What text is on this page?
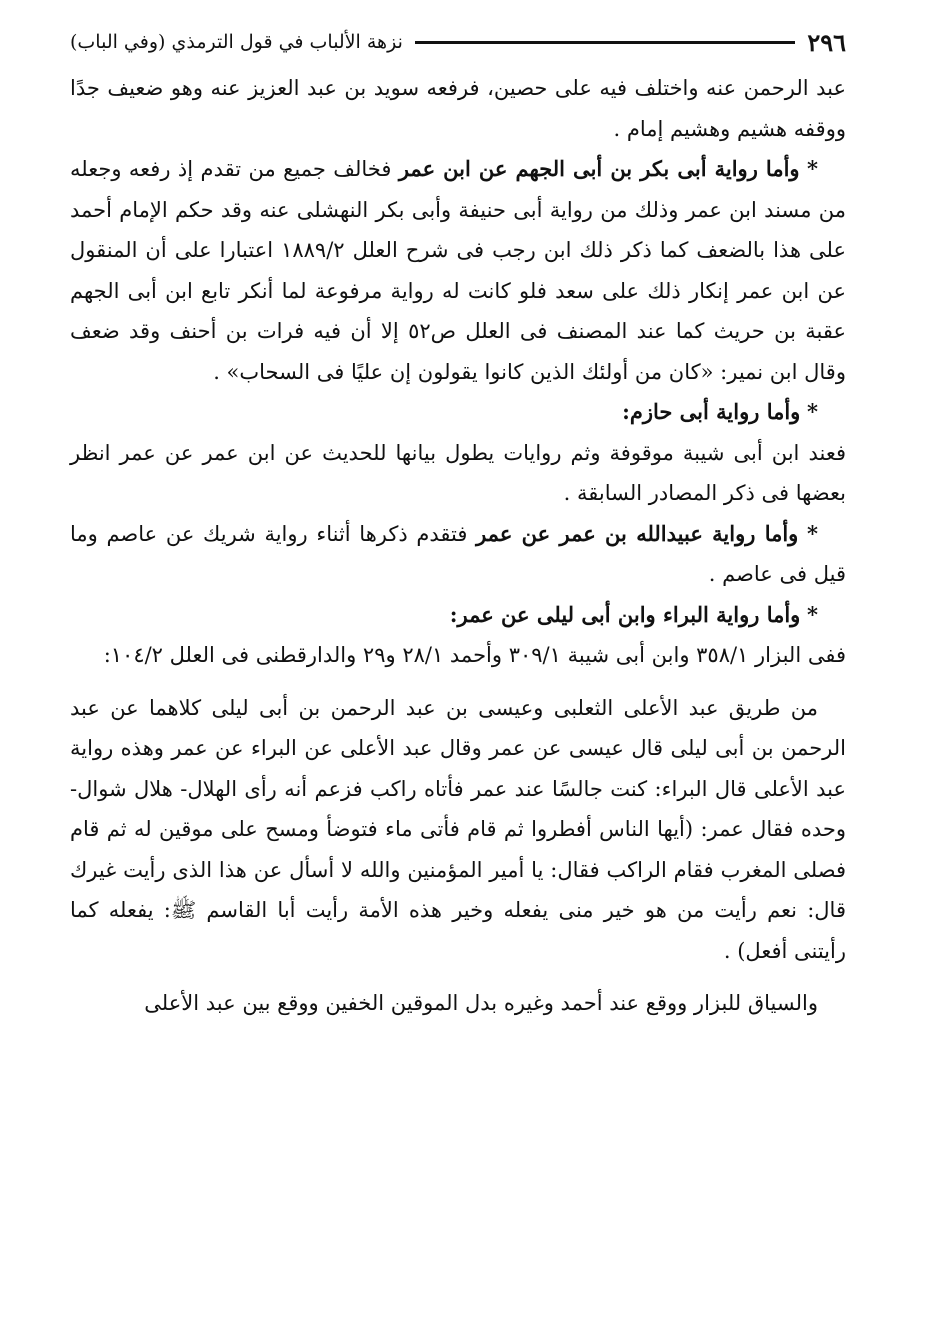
٢٩٦
نزهة الألباب في قول الترمذي (وفي الباب)

عبد الرحمن عنه واختلف فيه على حصين، فرفعه سويد بن عبد العزيز عنه وهو ضعيف جدًا ووقفه هشيم وهشيم إمام .

* وأما رواية أبى بكر بن أبى الجهم عن ابن عمر فخالف جميع من تقدم إذ رفعه وجعله من مسند ابن عمر وذلك من رواية أبى حنيفة وأبى بكر النهشلى عنه وقد حكم الإمام أحمد على هذا بالضعف كما ذكر ذلك ابن رجب فى شرح العلل ١٨٨٩/٢ اعتبارا على أن المنقول عن ابن عمر إنكار ذلك على سعد فلو كانت له رواية مرفوعة لما أنكر تابع ابن أبى الجهم عقبة بن حريث كما عند المصنف فى العلل ص٥٢ إلا أن فيه فرات بن أحنف وقد ضعف وقال ابن نمير: «كان من أولئك الذين كانوا يقولون إن عليًا فى السحاب» .

* وأما رواية أبى حازم:

فعند ابن أبى شيبة موقوفة وثم روايات يطول بيانها للحديث عن ابن عمر عن عمر انظر بعضها فى ذكر المصادر السابقة .

* وأما رواية عبيدالله بن عمر عن عمر فتقدم ذكرها أثناء رواية شريك عن عاصم وما قيل فى عاصم .

* وأما رواية البراء وابن أبى ليلى عن عمر:

ففى البزار ٣٥٨/١ وابن أبى شيبة ٣٠٩/١ وأحمد ٢٨/١ و٢٩ والدارقطنى فى العلل ١٠٤/٢:

من طريق عبد الأعلى الثعلبى وعيسى بن عبد الرحمن بن أبى ليلى كلاهما عن عبد الرحمن بن أبى ليلى قال عيسى عن عمر وقال عبد الأعلى عن البراء عن عمر وهذه رواية عبد الأعلى قال البراء: كنت جالسًا عند عمر فأتاه راكب فزعم أنه رأى الهلال- هلال شوال- وحده فقال عمر: (أيها الناس أفطروا ثم قام فأتى ماء فتوضأ ومسح على موقين له ثم قام فصلى المغرب فقام الراكب فقال: يا أمير المؤمنين والله لا أسأل عن هذا الذى رأيت غيرك قال: نعم رأيت من هو خير منى يفعله وخير هذه الأمة رأيت أبا القاسم ﷺ: يفعله كما رأيتنى أفعل) .

والسياق للبزار ووقع عند أحمد وغيره بدل الموقين الخفين ووقع بين عبد الأعلى
